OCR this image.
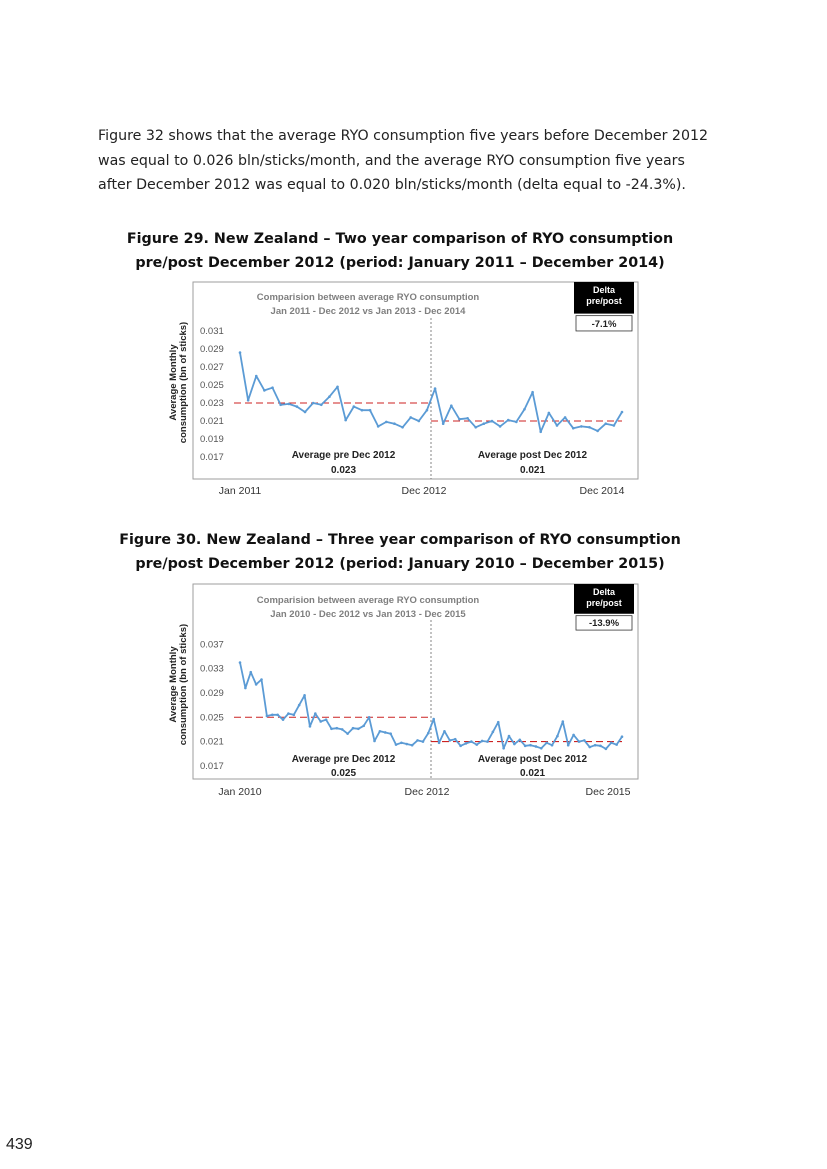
Figure 32 shows that the average RYO consumption five years before December 2012

was equal to 0.026 bln/sticks/month, and the average RYO consumption five years

after December 2012 was equal to 0.020 bln/sticks/month (delta equal to -24.3%).

Figure 29. New Zealand – Two year comparison of RYO consumption
pre/post December 2012 (period: January 2011 – December 2014)
Comparision between average RYO consumption
Jan 2011 - Dec 2012 vs Jan 2013 - Dec 2014
Average Monthly consumption (bn of sticks) 0.031
0.029
0.027
0.025
0.023
0.021
0.019
0.017	Average pre Dec 2012
0.023
Average post Dec 2012
0.021
Delta
pre/post
-7.1%
Jan 2011	Dec 2012	Dec 2014
Figure 30. New Zealand – Three year comparison of RYO consumption
pre/post December 2012 (period: January 2010 – December 2015)
Comparision between average RYO consumption
Jan 2010 - Dec 2012 vs Jan 2013 - Dec 2015
Average Monthly consumption (bn of sticks) 0.037
0.033
0.029
0.025
0.021
0.017
Average pre Dec 2012
0.025
Average post Dec 2012
0.021
Delta
pre/post
-13.9%
Jan 2010	Dec 2012	Dec 2015
439
